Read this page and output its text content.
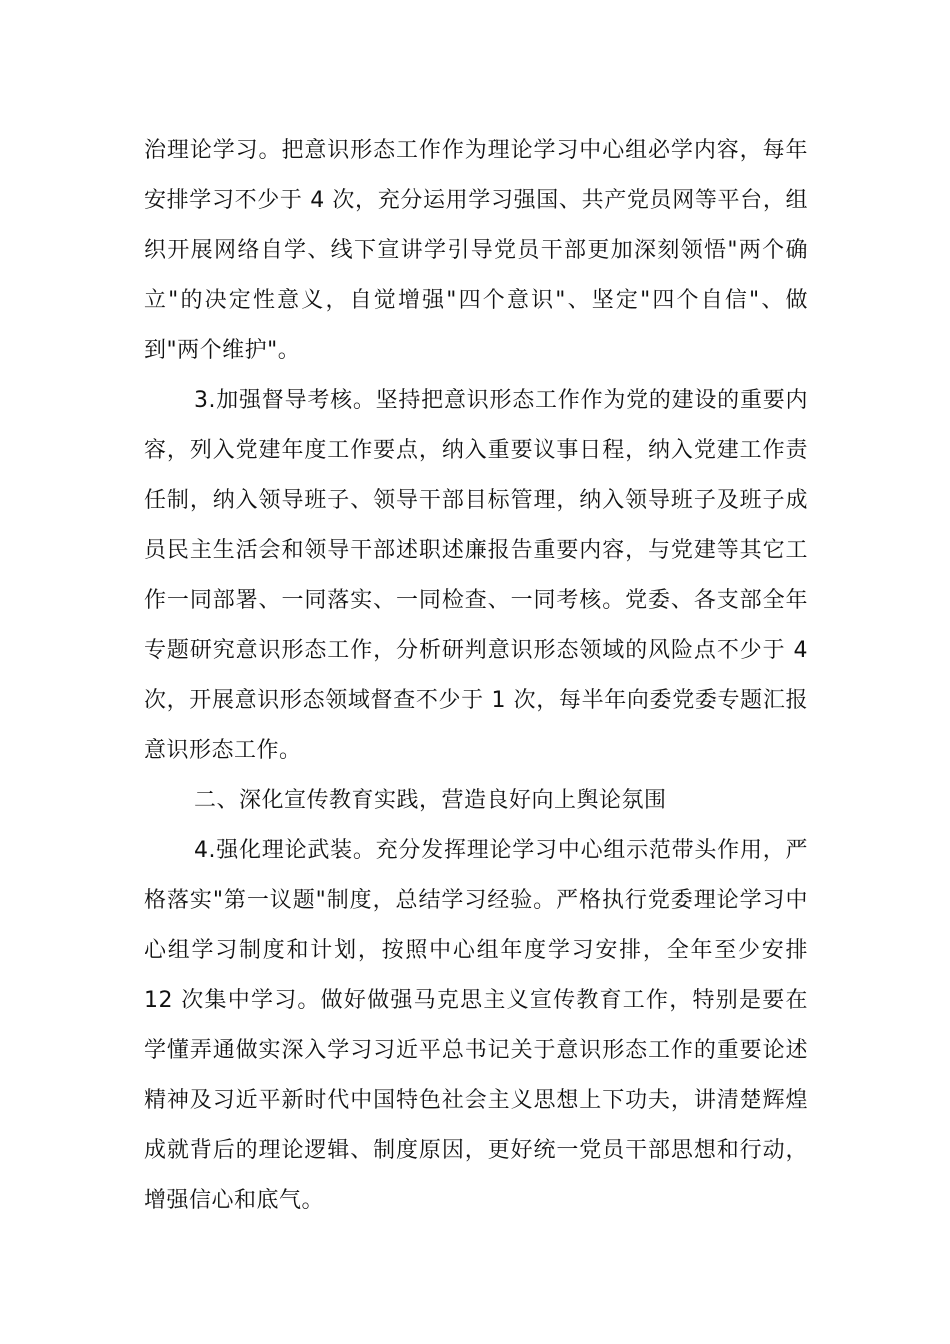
治理论学习。把意识形态工作作为理论学习中心组必学内容，每年安排学习不少于 4 次，充分运用学习强国、共产党员网等平台，组织开展网络自学、线下宣讲学引导党员干部更加深刻领悟"两个确立"的决定性意义，自觉增强"四个意识"、坚定"四个自信"、做到"两个维护"。

3.加强督导考核。坚持把意识形态工作作为党的建设的重要内容，列入党建年度工作要点，纳入重要议事日程，纳入党建工作责任制，纳入领导班子、领导干部目标管理，纳入领导班子及班子成员民主生活会和领导干部述职述廉报告重要内容，与党建等其它工作一同部署、一同落实、一同检查、一同考核。党委、各支部全年专题研究意识形态工作，分析研判意识形态领域的风险点不少于 4 次，开展意识形态领域督查不少于 1 次，每半年向委党委专题汇报意识形态工作。

二、深化宣传教育实践，营造良好向上舆论氛围

4.强化理论武装。充分发挥理论学习中心组示范带头作用，严格落实"第一议题"制度，总结学习经验。严格执行党委理论学习中心组学习制度和计划，按照中心组年度学习安排，全年至少安排 12 次集中学习。做好做强马克思主义宣传教育工作，特别是要在学懂弄通做实深入学习习近平总书记关于意识形态工作的重要论述精神及习近平新时代中国特色社会主义思想上下功夫，讲清楚辉煌成就背后的理论逻辑、制度原因，更好统一党员干部思想和行动，增强信心和底气。
